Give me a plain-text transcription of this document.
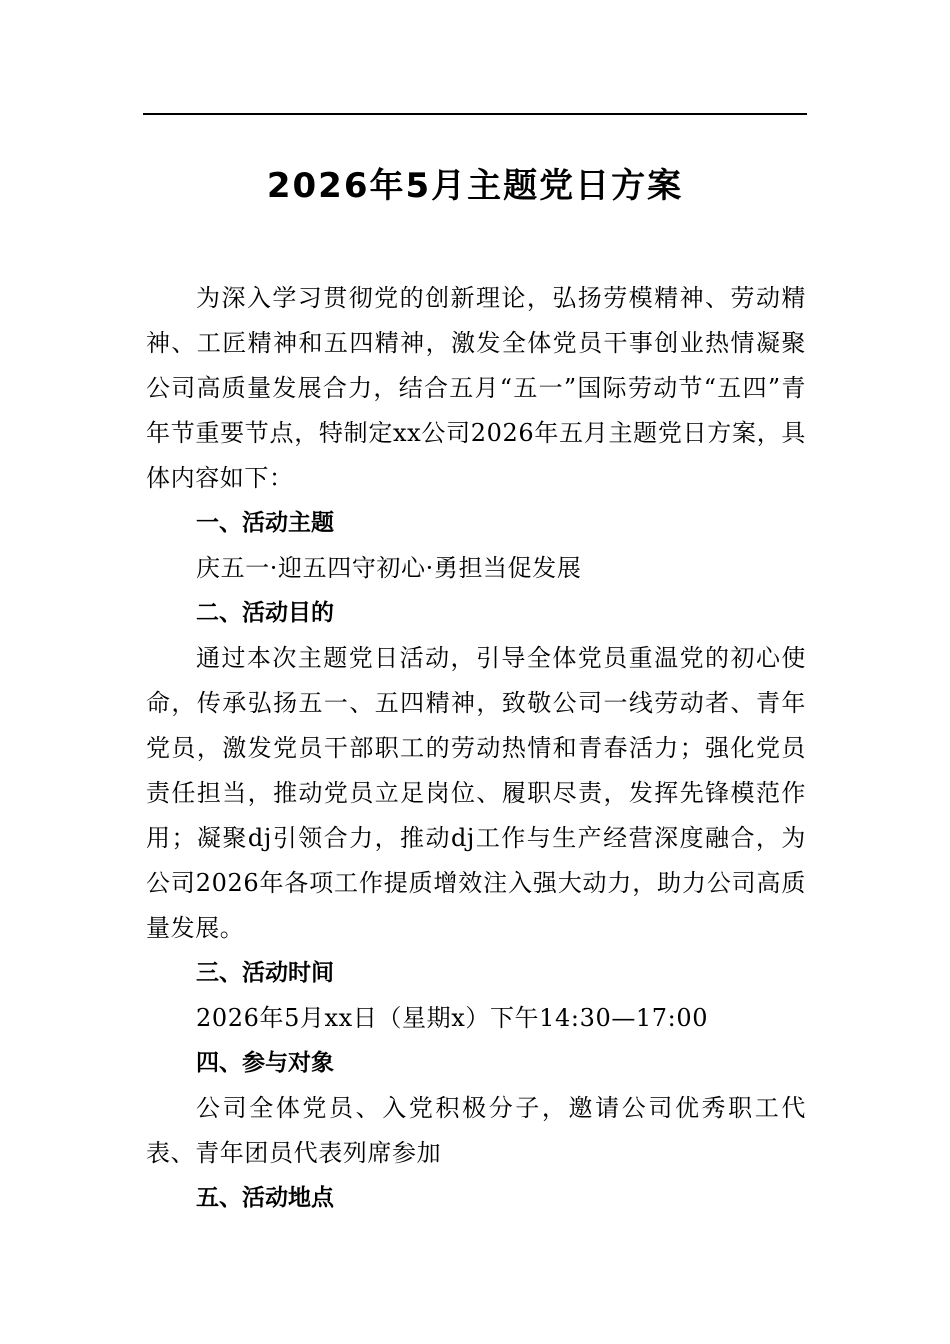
2026年5月主题党日方案

为深入学习贯彻党的创新理论，弘扬劳模精神、劳动精神、工匠精神和五四精神，激发全体党员干事创业热情凝聚公司高质量发展合力，结合五月“五一”国际劳动节“五四”青年节重要节点，特制定xx公司2026年五月主题党日方案，具体内容如下：

一、活动主题

庆五一·迎五四守初心·勇担当促发展

二、活动目的

通过本次主题党日活动，引导全体党员重温党的初心使命，传承弘扬五一、五四精神，致敬公司一线劳动者、青年党员，激发党员干部职工的劳动热情和青春活力；强化党员责任担当，推动党员立足岗位、履职尽责，发挥先锋模范作用；凝聚dj引领合力，推动dj工作与生产经营深度融合，为公司2026年各项工作提质增效注入强大动力，助力公司高质量发展。

三、活动时间

2026年5月xx日（星期x）下午14:30—17:00

四、参与对象

公司全体党员、入党积极分子，邀请公司优秀职工代表、青年团员代表列席参加

五、活动地点
